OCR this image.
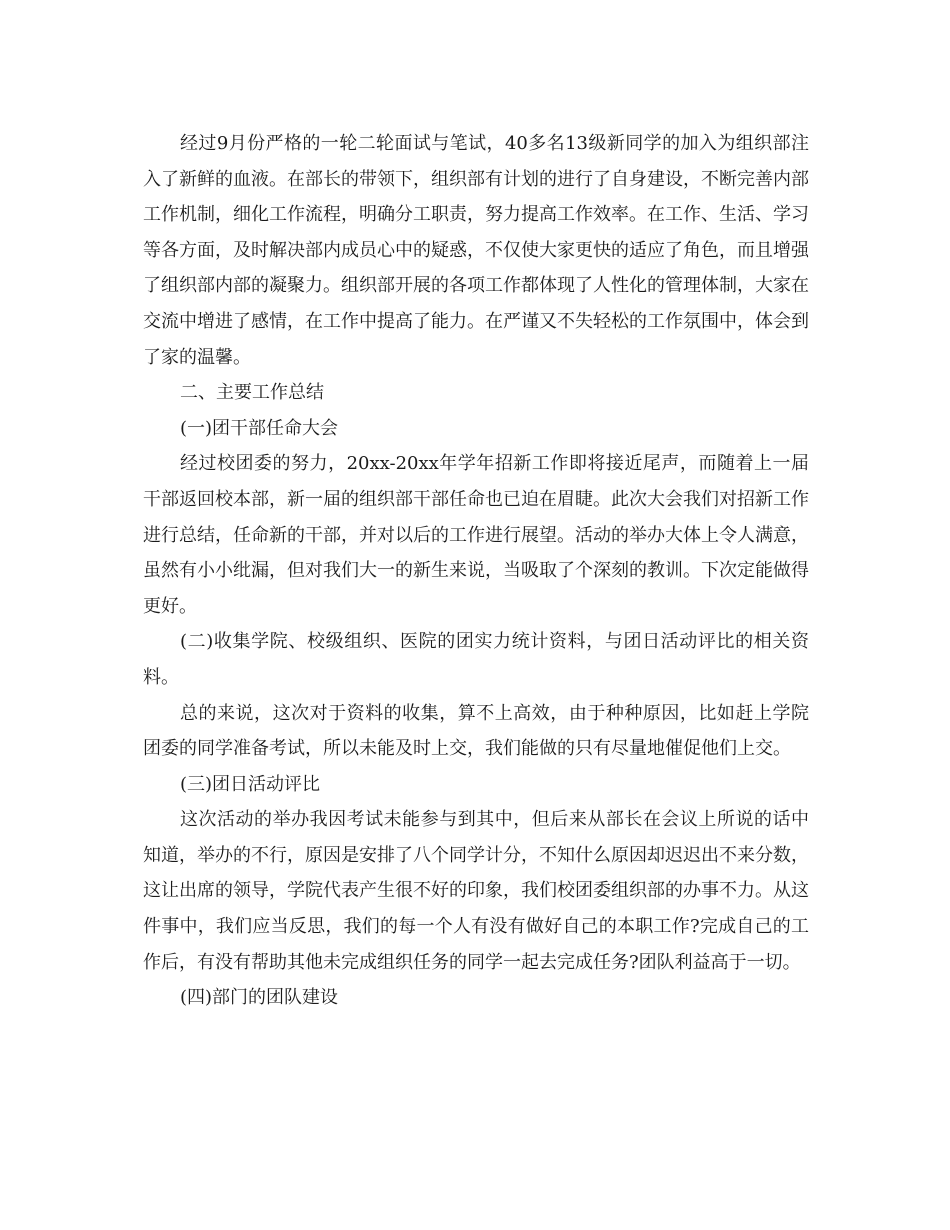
经过9月份严格的一轮二轮面试与笔试，40多名13级新同学的加入为组织部注入了新鲜的血液。在部长的带领下，组织部有计划的进行了自身建设，不断完善内部工作机制，细化工作流程，明确分工职责，努力提高工作效率。在工作、生活、学习等各方面，及时解决部内成员心中的疑惑，不仅使大家更快的适应了角色，而且增强了组织部内部的凝聚力。组织部开展的各项工作都体现了人性化的管理体制，大家在交流中增进了感情，在工作中提高了能力。在严谨又不失轻松的工作氛围中，体会到了家的温馨。

二、主要工作总结

(一)团干部任命大会

经过校团委的努力，20xx-20xx年学年招新工作即将接近尾声，而随着上一届干部返回校本部，新一届的组织部干部任命也已迫在眉睫。此次大会我们对招新工作进行总结，任命新的干部，并对以后的工作进行展望。活动的举办大体上令人满意，虽然有小小纰漏，但对我们大一的新生来说，当吸取了个深刻的教训。下次定能做得更好。

(二)收集学院、校级组织、医院的团实力统计资料，与团日活动评比的相关资料。

总的来说，这次对于资料的收集，算不上高效，由于种种原因，比如赶上学院团委的同学准备考试，所以未能及时上交，我们能做的只有尽量地催促他们上交。

(三)团日活动评比

这次活动的举办我因考试未能参与到其中，但后来从部长在会议上所说的话中知道，举办的不行，原因是安排了八个同学计分，不知什么原因却迟迟出不来分数，这让出席的领导，学院代表产生很不好的印象，我们校团委组织部的办事不力。从这件事中，我们应当反思，我们的每一个人有没有做好自己的本职工作?完成自己的工作后，有没有帮助其他未完成组织任务的同学一起去完成任务?团队利益高于一切。

(四)部门的团队建设
